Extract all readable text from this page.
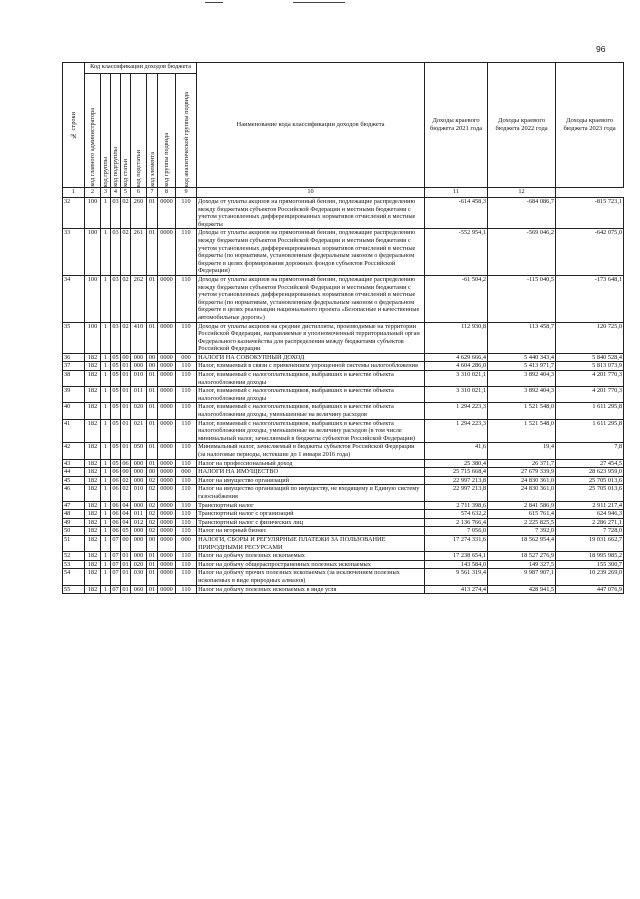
96
№ строки	Код классификации доходов бюджета								Наименование кода классификации доходов бюджета	Доходы краевого бюджета 2021 года	Доходы краевого бюджета 2022 года	Доходы краевого бюджета 2023 года

	код главного администратора	код группы	код подгруппы	код статьи	код подстатьи	код элемента	код группы подвида	код аналитической группы подвида				

1	2	3	4	5	6	7	8	9	10	11	12	
32	100	1	03	02	260	01	0000	110	Доходы от уплаты акцизов на прямогонный бензин, подлежащие распределению между бюджетами субъектов Российской Федерации и местными бюджетами с учетом установленных дифференцированных нормативов отчислений в местные бюджеты	-614 458,3	-684 086,7	-815 723,1
33	100	1	03	02	261	01	0000	110	Доходы от уплаты акцизов на прямогонный бензин, подлежащие распределению между бюджетами субъектов Российской Федерации и местными бюджетами с учетом установленных дифференцированных нормативов отчислений в местные бюджеты (по нормативам, установленным федеральным законом о федеральном бюджете в целях формирования дорожных фондов субъектов Российской Федерации)	-552 954,1	-569 046,2	-642 075,0
34	100	1	03	02	262	01	0000	110	Доходы от уплаты акцизов на прямогонный бензин, подлежащие распределению между бюджетами субъектов Российской Федерации и местными бюджетами с учетом установленных дифференцированных нормативов отчислений в местные бюджеты (по нормативам, установленным федеральным законом о федеральном бюджете в целях реализации национального проекта «Безопасные и качественные автомобильные дороги»)	-61 504,2	-115 040,5	-173 648,1
35	100	1	03	02	410	01	0000	110	Доходы от уплаты акцизов на средние дистилляты, производимые на территории Российской Федерации, направляемые в уполномоченный территориальный орган Федерального казначейства для распределения между бюджетами субъектов Российской Федерации	112 930,8	113 458,7	120 725,0
36	182	1	05	00	000	00	0000	000	НАЛОГИ НА СОВОКУПНЫЙ ДОХОД	4 629 666,4	5 440 343,4	5 840 528,4
37	182	1	05	01	000	00	0000	110	Налог, взимаемый в связи с применением упрощенной системы налогообложения	4 604 286,0	5 413 971,7	5 813 073,9
38	182	1	05	01	010	01	0000	110	Налог, взимаемый с налогоплательщиков, выбравших в качестве объекта налогообложения доходы	3 310 021,1	3 892 404,3	4 201 770,3
39	182	1	05	01	011	01	0000	110	Налог, взимаемый с налогоплательщиков, выбравших в качестве объекта налогообложения доходы	3 310 021,1	3 892 404,3	4 201 770,3
40	182	1	05	01	020	01	0000	110	Налог, взимаемый с налогоплательщиков, выбравших в качестве объекта налогообложения доходы, уменьшенные на величину расходов	1 294 223,3	1 521 548,0	1 611 295,8
41	182	1	05	01	021	01	0000	110	Налог, взимаемый с налогоплательщиков, выбравших в качестве объекта налогообложения доходы, уменьшенные на величину расходов (в том числе минимальный налог, зачисляемый в бюджеты субъектов Российской Федерации)	1 294 223,3	1 521 548,0	1 611 295,8
42	182	1	05	01	050	01	0000	110	Минимальный налог, зачисляемый в бюджеты субъектов Российской Федерации (за налоговые периоды, истекшие до 1 января 2016 года)	41,6	19,4	7,8
43	182	1	05	06	000	01	0000	110	Налог на профессиональный доход	25 380,4	26 371,7	27 454,5
44	182	1	06	00	000	00	0000	000	НАЛОГИ НА ИМУЩЕСТВО	25 715 668,4	27 679 339,9	28 623 959,0
45	182	1	06	02	000	02	0000	110	Налог на имущество организаций	22 997 213,8	24 830 361,0	25 705 013,6
46	182	1	06	02	010	02	0000	110	Налог на имущество организаций по имуществу, не входящему в Единую систему газоснабжения	22 997 213,8	24 830 361,0	25 705 013,6
47	182	1	06	04	000	02	0000	110	Транспортный налог	2 711 398,6	2 841 586,9	2 911 217,4
48	182	1	06	04	011	02	0000	110	Транспортный налог с организаций	574 632,2	615 761,4	624 946,3
49	182	1	06	04	012	02	0000	110	Транспортный налог с физических лиц	2 136 766,4	2 225 825,5	2 286 271,1
50	182	1	06	05	000	02	0000	110	Налог на игорный бизнес	7 056,0	7 392,0	7 728,0
51	182	1	07	00	000	00	0000	000	НАЛОГИ, СБОРЫ И РЕГУЛЯРНЫЕ ПЛАТЕЖИ ЗА ПОЛЬЗОВАНИЕ ПРИРОДНЫМИ РЕСУРСАМИ	17 274 331,6	18 562 954,4	19 031 662,7
52	182	1	07	01	000	01	0000	110	Налог на добычу полезных ископаемых	17 238 654,1	18 527 276,9	18 995 985,2
53	182	1	07	01	020	01	0000	110	Налог на добычу общераспространенных полезных ископаемых	143 584,0	149 327,5	155 300,7
54	182	1	07	01	030	01	0000	110	Налог на добычу прочих полезных ископаемых (за исключением полезных ископаемых в виде природных алмазов)	9 561 319,4	9 987 907,1	10 239 269,0
55	182	1	07	01	060	01	0000	110	Налог на добычу полезных ископаемых в виде угля	413 274,4	428 941,5	447 076,9
